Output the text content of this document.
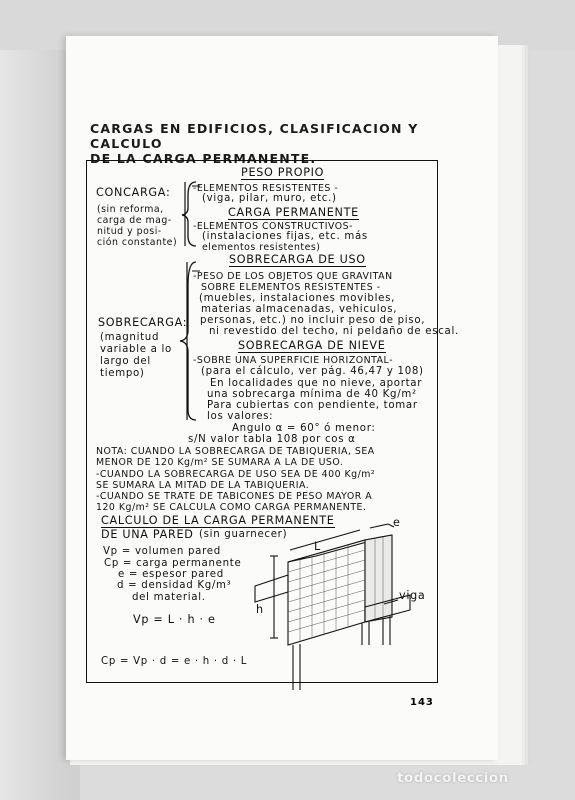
CARGAS EN EDIFICIOS, CLASIFICACION Y CALCULO
DE LA CARGA PERMANENTE.
CONCARGA:
(sin reforma,
carga de mag-
nitud y posi-
ción constante)
PESO PROPIO
-ELEMENTOS RESISTENTES -
(viga, pilar, muro, etc.)
CARGA PERMANENTE
-ELEMENTOS CONSTRUCTIVOS-
(instalaciones fijas, etc. más
elementos resistentes)
SOBRECARGA:
(magnitud
variable a lo
largo del
tiempo)
SOBRECARGA DE USO
-PESO DE LOS OBJETOS QUE GRAVITAN
SOBRE ELEMENTOS RESISTENTES -
(muebles, instalaciones movibles,
materias almacenadas, vehiculos,
personas, etc.) no incluir peso de piso,
ni revestido del techo, ni peldaño de escal.
SOBRECARGA DE NIEVE
-SOBRE UNA SUPERFICIE HORIZONTAL-
(para el cálculo, ver pág. 46,47 y 108)
En localidades que no nieve, aportar
una sobrecarga mínima de 40 Kg/m²
Para cubiertas con pendiente, tomar
los valores:
Angulo α = 60° ó menor:
s/N valor tabla 108 por cos α
NOTA: CUANDO LA SOBRECARGA DE TABIQUERIA, SEA
MENOR DE 120 Kg/m² SE SUMARA A LA DE USO.
-CUANDO LA SOBRECARGA DE USO SEA DE 400 Kg/m²
SE SUMARA LA MITAD DE LA TABIQUERIA.
-CUANDO SE TRATE DE TABICONES DE PESO MAYOR A
120 Kg/m² SE CALCULA COMO CARGA PERMANENTE.
CALCULO DE LA CARGA PERMANENTE
DE UNA PARED (sin guarnecer)
Vp = volumen pared
Cp = carga permanente
e = espesor pared
d = densidad Kg/m³
del material.
Vp = L · h · e
Cp = Vp · d = e · h · d · L
L
e
h
viga
143
todocoleccion
